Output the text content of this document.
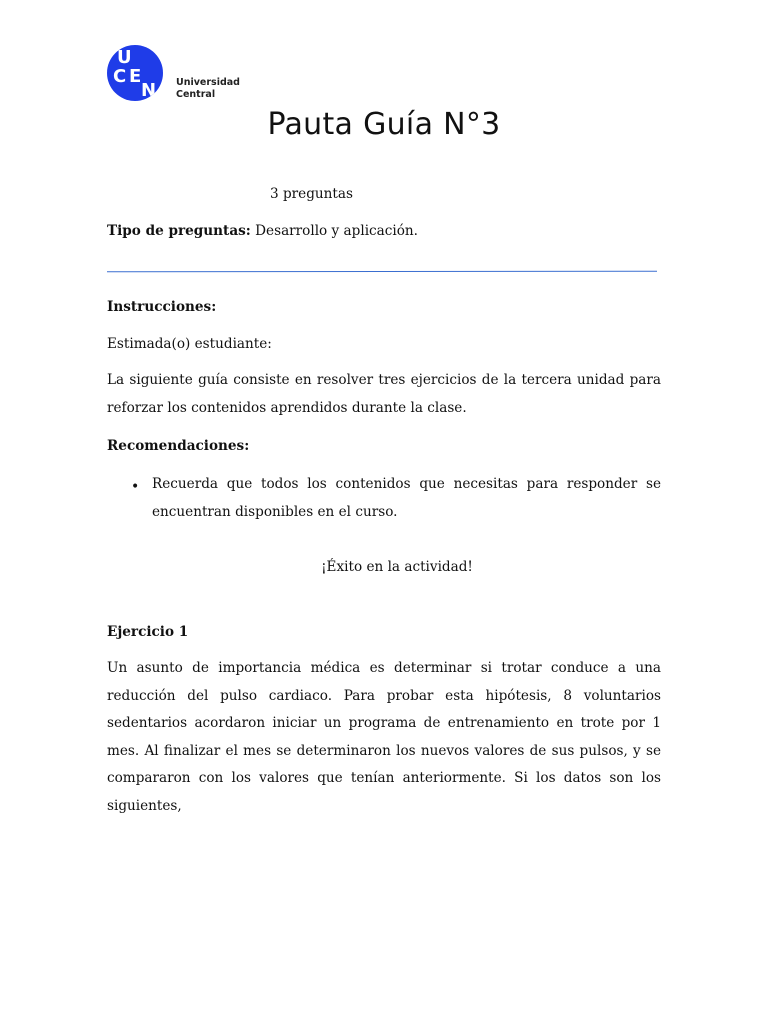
U
C E
N Universidad
Central
Pauta Guía N°3
3 preguntas
Tipo de preguntas: Desarrollo y aplicación.
Instrucciones:
Estimada(o) estudiante:
La siguiente guía consiste en resolver tres ejercicios de la tercera unidad para reforzar los contenidos aprendidos durante la clase.
Recomendaciones:
• Recuerda que todos los contenidos que necesitas para responder se encuentran disponibles en el curso.
¡Éxito en la actividad!
Ejercicio 1
Un asunto de importancia médica es determinar si trotar conduce a una reducción del pulso cardiaco. Para probar esta hipótesis, 8 voluntarios sedentarios acordaron iniciar un programa de entrenamiento en trote por 1 mes. Al finalizar el mes se determinaron los nuevos valores de sus pulsos, y se compararon con los valores que tenían anteriormente. Si los datos son los siguientes,
